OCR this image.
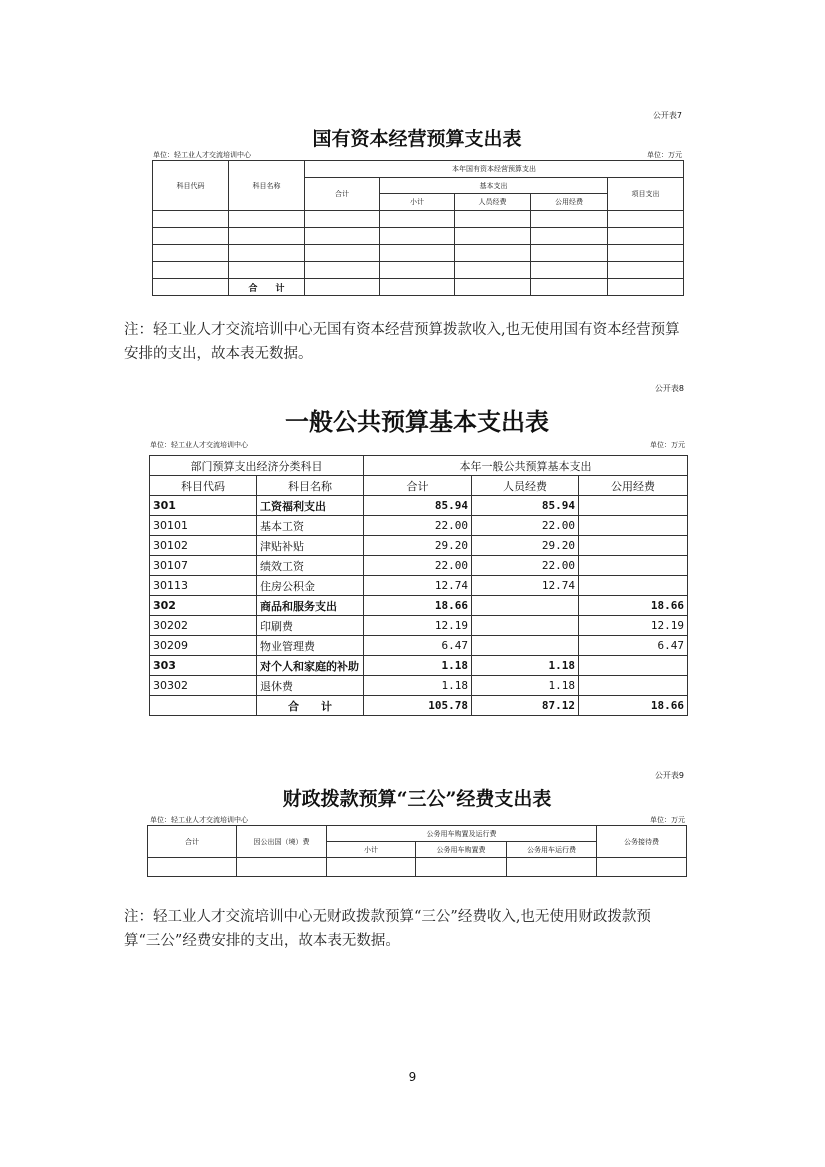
公开表7
国有资本经营预算支出表
单位：轻工业人才交流培训中心	单位：万元
科目代码	科目名称	本年国有资本经营预算支出				
		合计	基本支出			项目支出
			小计	人员经费	公用经费	

	合　　计					
注：轻工业人才交流培训中心无国有资本经营预算拨款收入,也无使用国有资本经营预算安排的支出，故本表无数据。
公开表8
一般公共预算基本支出表
单位：轻工业人才交流培训中心	单位：万元
部门预算支出经济分类科目		本年一般公共预算基本支出		
科目代码	科目名称	合计	人员经费	公用经费
301	工资福利支出	85.94	85.94	
30101	基本工资	22.00	22.00	
30102	津贴补贴	29.20	29.20	
30107	绩效工资	22.00	22.00	
30113	住房公积金	12.74	12.74	
302	商品和服务支出	18.66		18.66
30202	印刷费	12.19		12.19
30209	物业管理费	6.47		6.47
303	对个人和家庭的补助	1.18	1.18	
30302	退休费	1.18	1.18	
	合　　计	105.78	87.12	18.66
公开表9
财政拨款预算“三公”经费支出表
单位：轻工业人才交流培训中心	单位：万元
合计	因公出国（境）费	公务用车购置及运行费			公务接待费
		小计	公务用车购置费	公务用车运行费	

注：轻工业人才交流培训中心无财政拨款预算“三公”经费收入,也无使用财政拨款预算“三公”经费安排的支出，故本表无数据。
9
